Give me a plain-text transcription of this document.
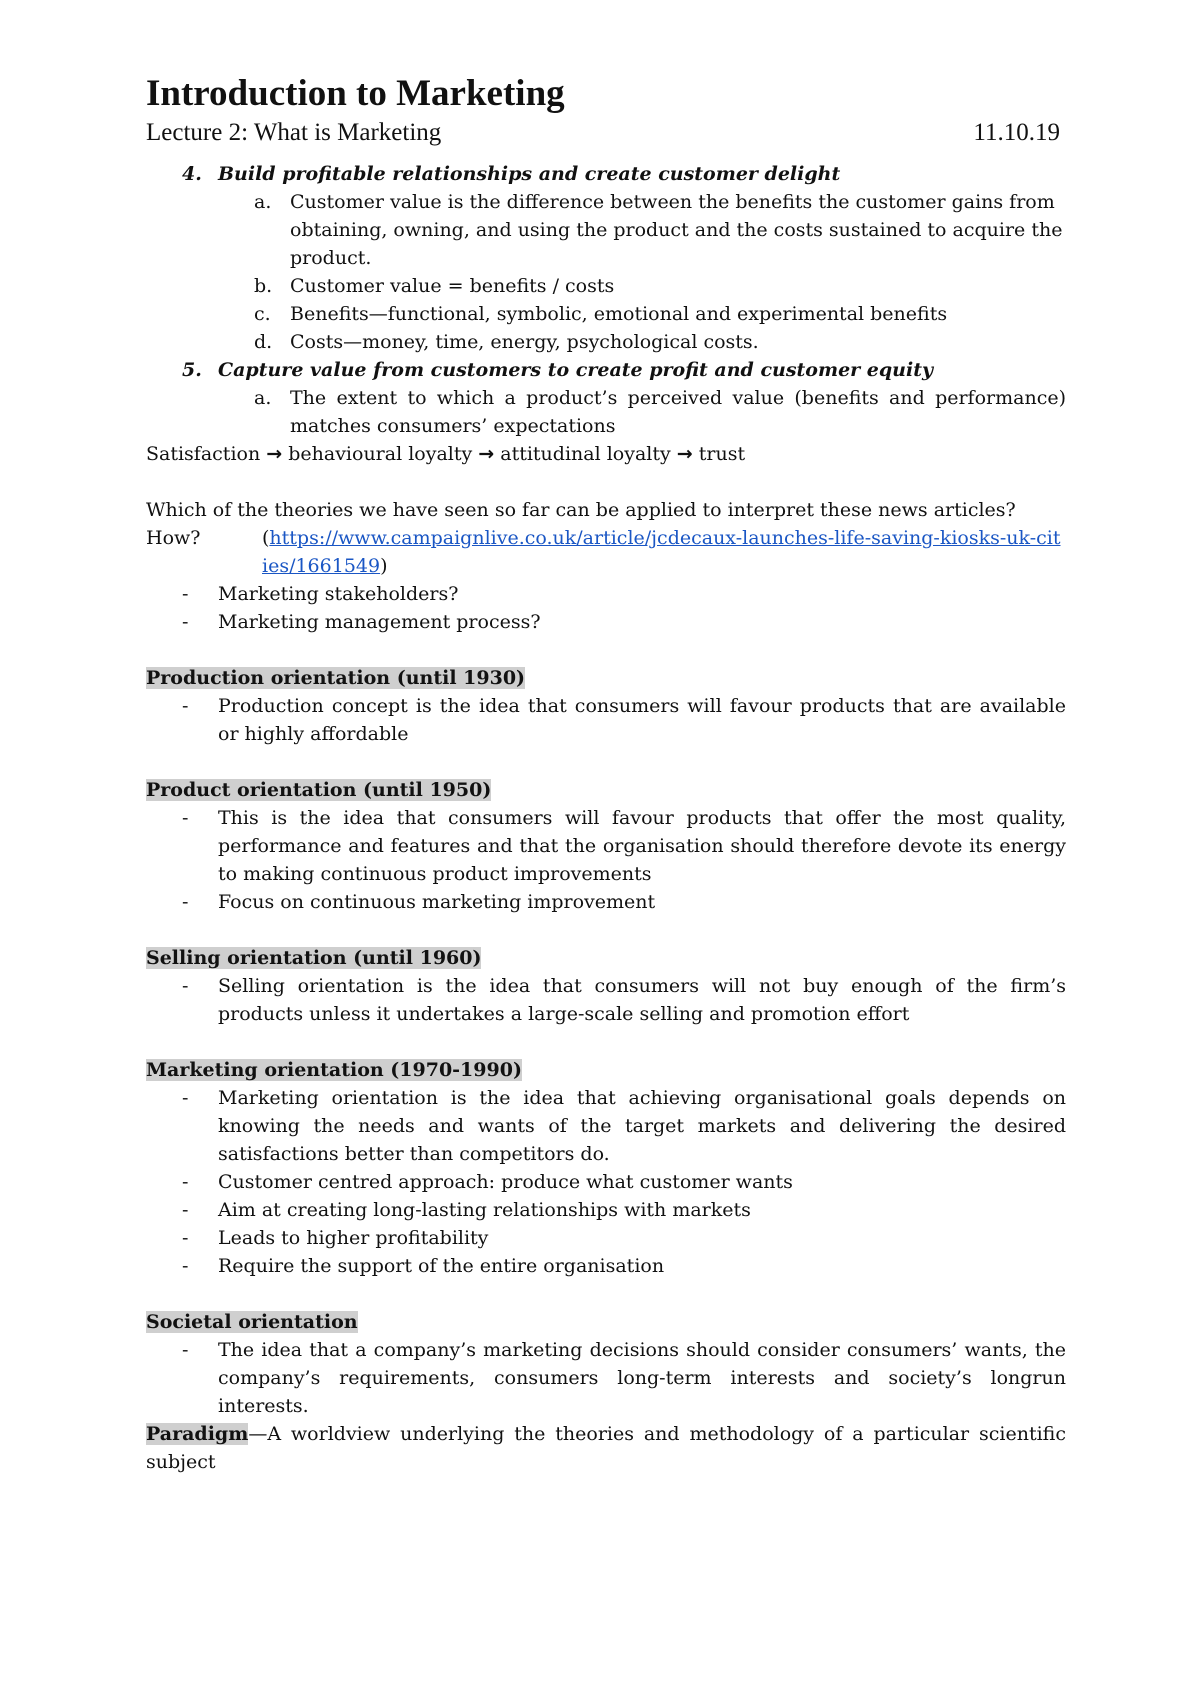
Introduction to Marketing
Lecture 2: What is Marketing	11.10.19
4. Build profitable relationships and create customer delight
a. Customer value is the difference between the benefits the customer gains from obtaining, owning, and using the product and the costs sustained to acquire the product.
b. Customer value = benefits / costs
c.	Benefits—functional, symbolic, emotional and experimental benefits
d. Costs—money, time, energy, psychological costs.
5. Capture value from customers to create profit and customer equity
a. The extent to which a product’s perceived value (benefits and performance) matches consumers’ expectations
Satisfaction → behavioural loyalty → attitudinal loyalty → trust
Which of the theories we have seen so far can be applied to interpret these news articles?
How?	(https://www.campaignlive.co.uk/article/jcdecaux-launches-life-saving-kiosks-uk-cities/1661549)
-	Marketing stakeholders?
-	Marketing management process?
Production orientation (until 1930)
-	Production concept is the idea that consumers will favour products that are available or highly affordable
Product orientation (until 1950)
-	This is the idea that consumers will favour products that offer the most quality, performance and features and that the organisation should therefore devote its energy to making continuous product improvements
-	Focus on continuous marketing improvement
Selling orientation (until 1960)
-	Selling orientation is the idea that consumers will not buy enough of the firm’s products unless it undertakes a large-scale selling and promotion effort
Marketing orientation (1970-1990)
-	Marketing orientation is the idea that achieving organisational goals depends on knowing the needs and wants of the target markets and delivering the desired satisfactions better than competitors do.
-	Customer centred approach: produce what customer wants
-	Aim at creating long-lasting relationships with markets
-	Leads to higher profitability
-	Require the support of the entire organisation
Societal orientation
-	The idea that a company’s marketing decisions should consider consumers’ wants, the company’s requirements, consumers long-term interests and society’s longrun interests.
Paradigm—A worldview underlying the theories and methodology of a particular scientific subject
